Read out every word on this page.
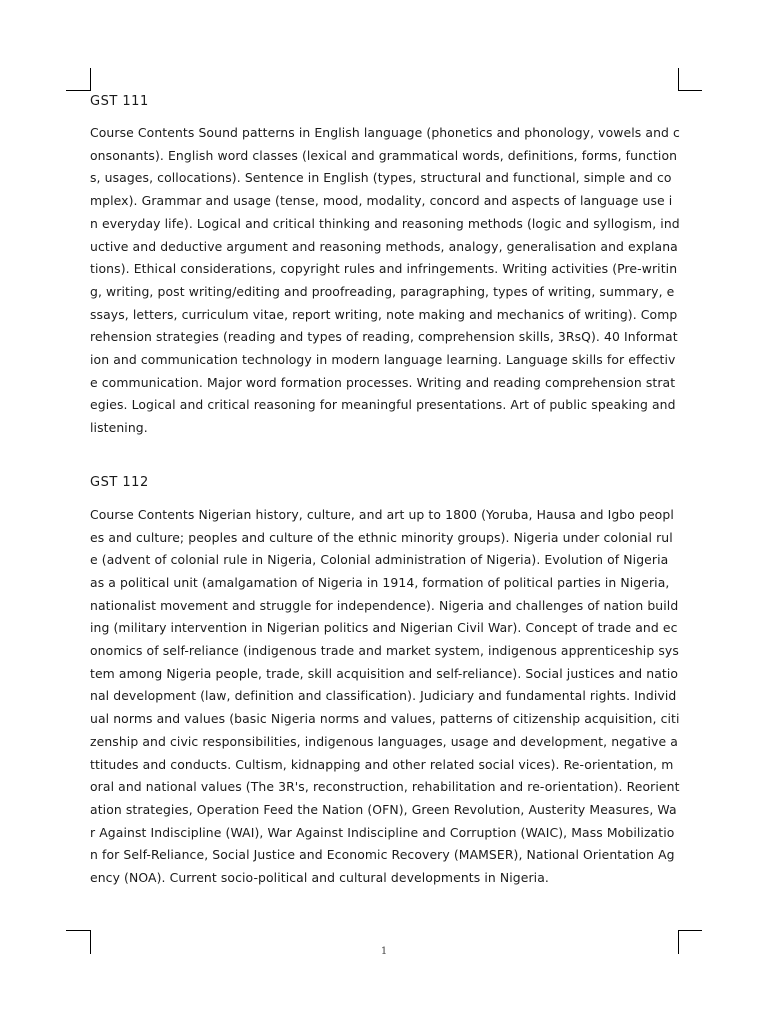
GST 111

Course Contents Sound patterns in English language (phonetics and phonology, vowels and consonants). English word classes (lexical and grammatical words, definitions, forms, functions, usages, collocations). Sentence in English (types, structural and functional, simple and complex). Grammar and usage (tense, mood, modality, concord and aspects of language use in everyday life). Logical and critical thinking and reasoning methods (logic and syllogism, inductive and deductive argument and reasoning methods, analogy, generalisation and explanations). Ethical considerations, copyright rules and infringements. Writing activities (Pre-writing, writing, post writing/editing and proofreading, paragraphing, types of writing, summary, essays, letters, curriculum vitae, report writing, note making and mechanics of writing). Comprehension strategies (reading and types of reading, comprehension skills, 3RsQ). 40 Information and communication technology in modern language learning. Language skills for effective communication. Major word formation processes. Writing and reading comprehension strategies. Logical and critical reasoning for meaningful presentations. Art of public speaking and listening.

GST 112

Course Contents Nigerian history, culture, and art up to 1800 (Yoruba, Hausa and Igbo peoples and culture; peoples and culture of the ethnic minority groups). Nigeria under colonial rule (advent of colonial rule in Nigeria, Colonial administration of Nigeria). Evolution of Nigeria as a political unit (amalgamation of Nigeria in 1914, formation of political parties in Nigeria, nationalist movement and struggle for independence). Nigeria and challenges of nation building (military intervention in Nigerian politics and Nigerian Civil War). Concept of trade and economics of self-reliance (indigenous trade and market system, indigenous apprenticeship system among Nigeria people, trade, skill acquisition and self-reliance). Social justices and national development (law, definition and classification). Judiciary and fundamental rights. Individual norms and values (basic Nigeria norms and values, patterns of citizenship acquisition, citizenship and civic responsibilities, indigenous languages, usage and development, negative attitudes and conducts. Cultism, kidnapping and other related social vices). Re-orientation, moral and national values (The 3R's, reconstruction, rehabilitation and re-orientation). Reorientation strategies, Operation Feed the Nation (OFN), Green Revolution, Austerity Measures, War Against Indiscipline (WAI), War Against Indiscipline and Corruption (WAIC), Mass Mobilization for Self-Reliance, Social Justice and Economic Recovery (MAMSER), National Orientation Agency (NOA). Current socio-political and cultural developments in Nigeria.

1
